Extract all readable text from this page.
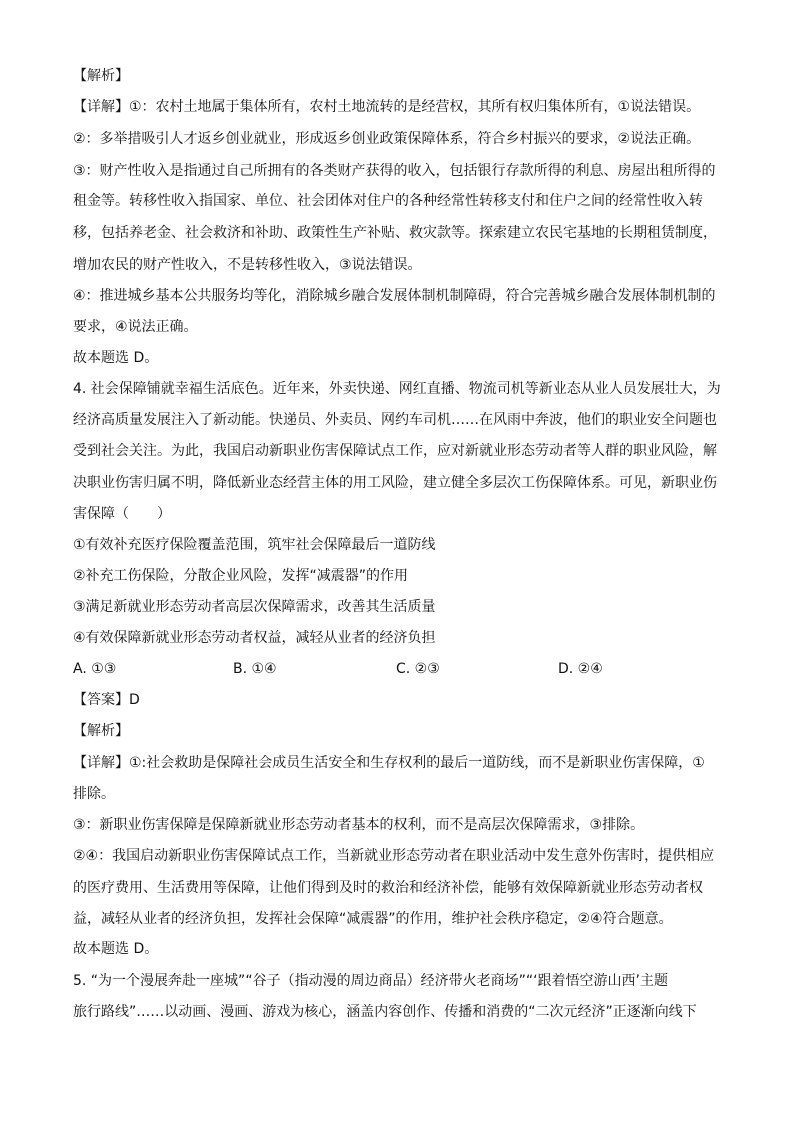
【解析】
【详解】①：农村土地属于集体所有，农村土地流转的是经营权，其所有权归集体所有，①说法错误。
②：多举措吸引人才返乡创业就业，形成返乡创业政策保障体系，符合乡村振兴的要求，②说法正确。
③：财产性收入是指通过自己所拥有的各类财产获得的收入，包括银行存款所得的利息、房屋出租所得的
租金等。转移性收入指国家、单位、社会团体对住户的各种经常性转移支付和住户之间的经常性收入转
移，包括养老金、社会救济和补助、政策性生产补贴、救灾款等。探索建立农民宅基地的长期租赁制度，
增加农民的财产性收入，不是转移性收入，③说法错误。
④：推进城乡基本公共服务均等化，消除城乡融合发展体制机制障碍，符合完善城乡融合发展体制机制的
要求，④说法正确。
故本题选 D。
4. 社会保障铺就幸福生活底色。近年来，外卖快递、网红直播、物流司机等新业态从业人员发展壮大，为
经济高质量发展注入了新动能。快递员、外卖员、网约车司机……在风雨中奔波，他们的职业安全问题也
受到社会关注。为此，我国启动新职业伤害保障试点工作，应对新就业形态劳动者等人群的职业风险，解
决职业伤害归属不明，降低新业态经营主体的用工风险，建立健全多层次工伤保障体系。可见，新职业伤
害保障（　　）
①有效补充医疗保险覆盖范围，筑牢社会保障最后一道防线
②补充工伤保险，分散企业风险，发挥“减震器”的作用
③满足新就业形态劳动者高层次保障需求，改善其生活质量
④有效保障新就业形态劳动者权益，减轻从业者的经济负担
A. ①③	B. ①④	C. ②③	D. ②④
【答案】D
【解析】
【详解】①:社会救助是保障社会成员生活安全和生存权利的最后一道防线，而不是新职业伤害保障，①
排除。
③：新职业伤害保障是保障新就业形态劳动者基本的权利，而不是高层次保障需求，③排除。
②④：我国启动新职业伤害保障试点工作，当新就业形态劳动者在职业活动中发生意外伤害时，提供相应
的医疗费用、生活费用等保障，让他们得到及时的救治和经济补偿，能够有效保障新就业形态劳动者权
益，减轻从业者的经济负担，发挥社会保障“减震器”的作用，维护社会秩序稳定，②④符合题意。
故本题选 D。
5. “为一个漫展奔赴一座城”“谷子（指动漫的周边商品）经济带火老商场”“‘跟着悟空游山西’主题
旅行路线”……以动画、漫画、游戏为核心，涵盖内容创作、传播和消费的“二次元经济”正逐渐向线下
